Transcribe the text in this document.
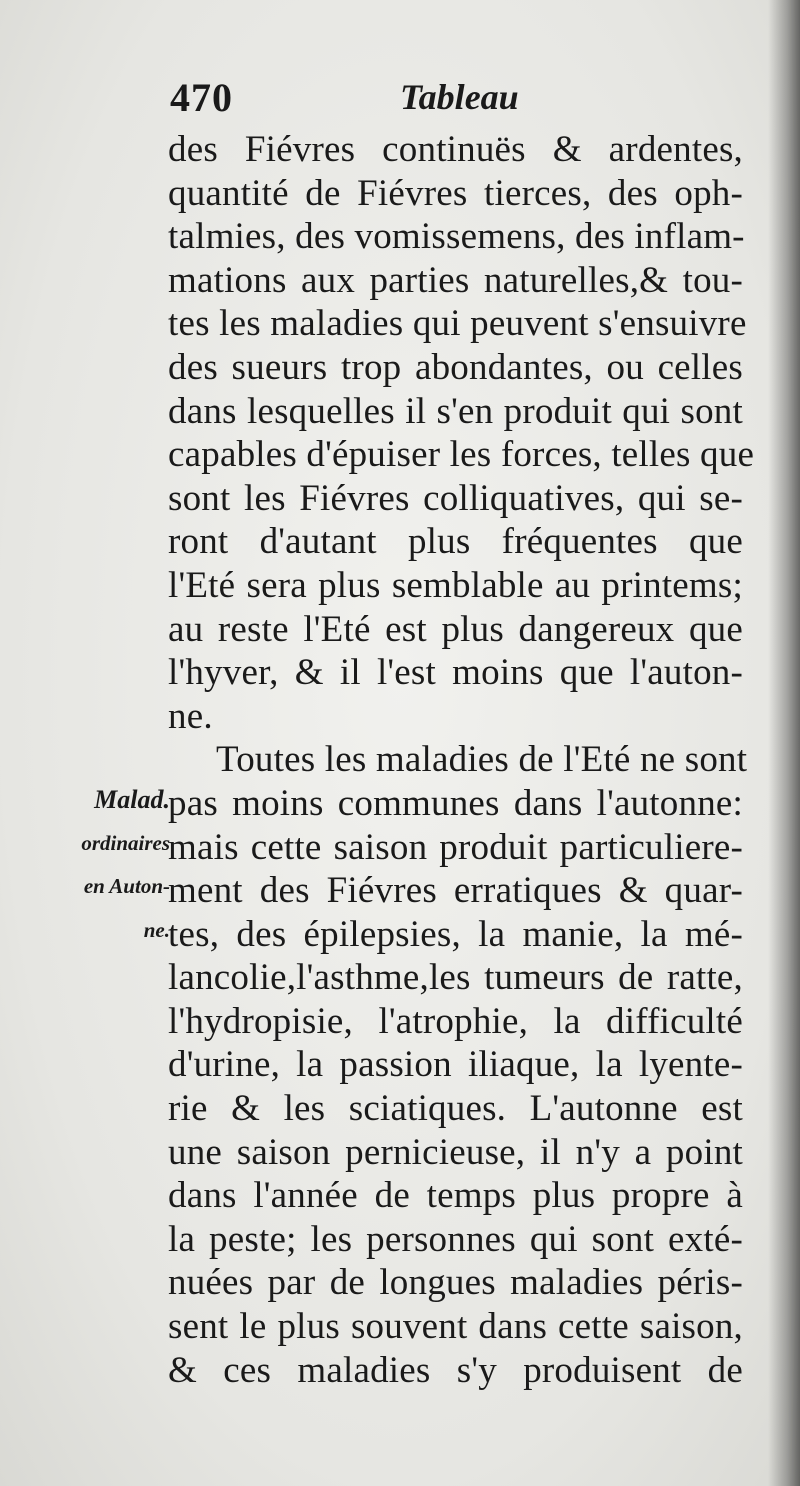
470	Tableau
Malad.
ordinaires
en Auton-
ne.
des Fiévres continuës & ardentes,
quantité de Fiévres tierces, des oph-
talmies, des vomissemens, des inflam-
mations aux parties naturelles,& tou-
tes les maladies qui peuvent s'ensuivre
des sueurs trop abondantes, ou celles
dans lesquelles il s'en produit qui sont
capables d'épuiser les forces, telles que
sont les Fiévres colliquatives, qui se-
ront d'autant plus fréquentes que
l'Eté sera plus semblable au printems;
au reste l'Eté est plus dangereux que
l'hyver, & il l'est moins que l'auton-
ne.
Toutes les maladies de l'Eté ne sont
pas moins communes dans l'autonne:
mais cette saison produit particuliere-
ment des Fiévres erratiques & quar-
tes, des épilepsies, la manie, la mé-
lancolie,l'asthme,les tumeurs de ratte,
l'hydropisie, l'atrophie, la difficulté
d'urine, la passion iliaque, la lyente-
rie & les sciatiques. L'autonne est
une saison pernicieuse, il n'y a point
dans l'année de temps plus propre à
la peste; les personnes qui sont exté-
nuées par de longues maladies péris-
sent le plus souvent dans cette saison,
& ces maladies s'y produisent de
